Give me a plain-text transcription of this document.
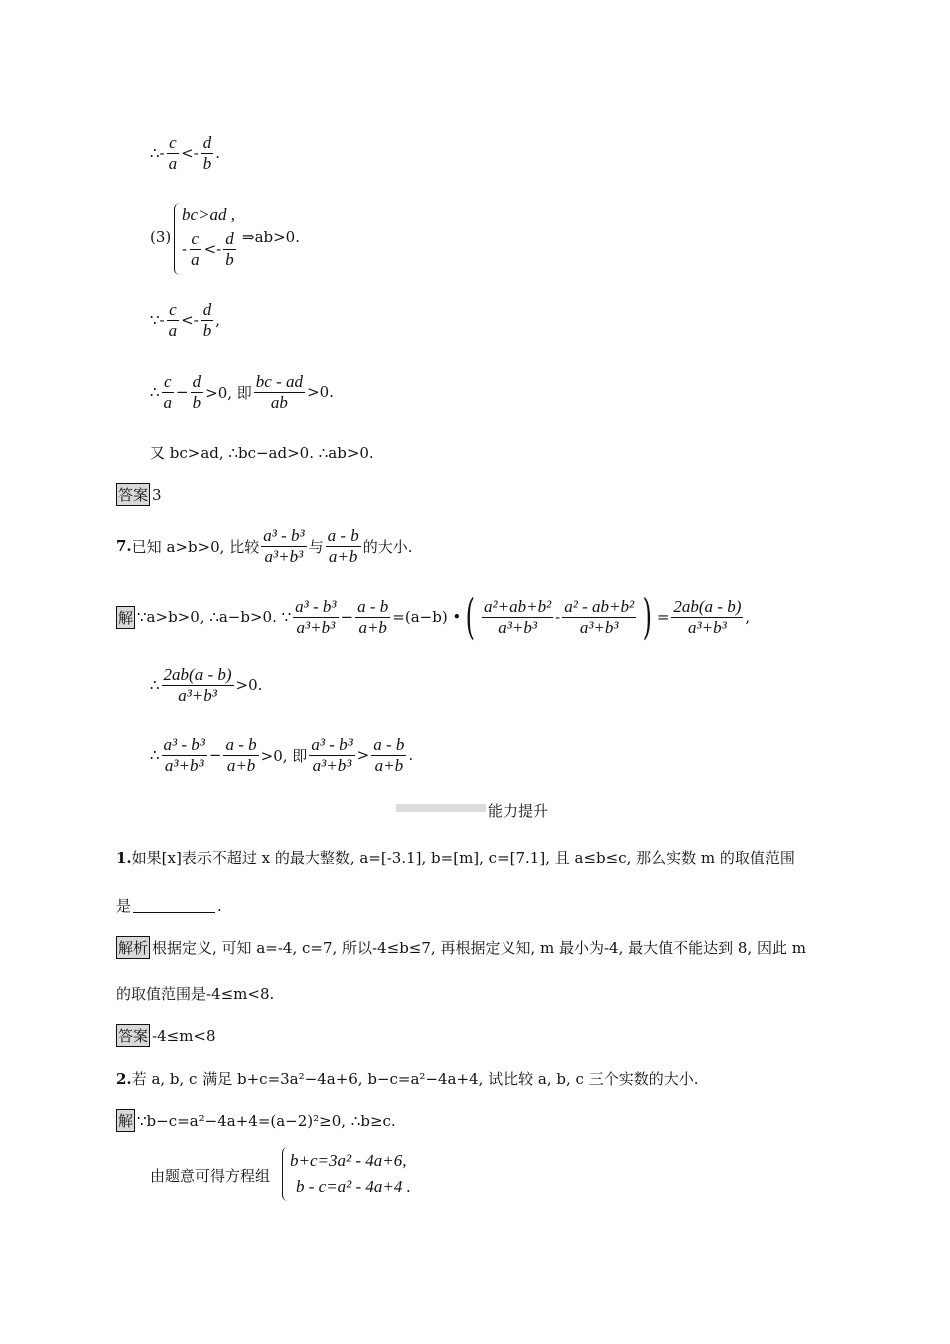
∴- $\frac{c}{a} <- \frac{d}{b}$ .
(3)
bc>ad ,
- $\frac{c}{a} <- \frac{d}{b}$ ⇒ab>0.
∵- $\frac{c}{a} <- \frac{d}{b}$ ,
∴ $\frac{c}{a} - \frac{d}{b} >0$, 即 $\frac{bc - ad}{ab} >0$.
又 bc>ad, ∴bc−ad>0. ∴ab>0.
答案 3
7. 已知 a>b>0, 比较 $\frac{\text{a³ - b³}}{\text{a³+b³}}$ 与 $\frac{a - b}{a+b}$ 的大小.
解 ∵a>b>0, ∴a−b>0. ∵ $\frac{\text{a³ - b³}}{\text{a³+b³}} - \frac{a - b}{a+b} =(a-b)$ • ( $\frac{\text{a²+ab+b²}}{\text{a³+b³}} - \frac{\text{a² - ab+b²}}{\text{a³+b³}}$ ) = $\frac{2ab(a - b)}{\text{a³+b³}}$ ,
∴ $\frac{2ab(a - b)}{\text{a³+b³}} >0$.
∴ $\frac{\text{a³ - b³}}{\text{a³+b³}} - \frac{a - b}{a+b} >0$, 即 $\frac{\text{a³ - b³}}{\text{a³+b³}} > \frac{a - b}{a+b}$ .
能力提升
1. 如果[x]表示不超过 x 的最大整数, a=[-3.1], b=[m], c=[7.1], 且 a≤b≤c, 那么实数 m 的取值范围
是	.
解析 根据定义, 可知 a=-4, c=7, 所以-4≤b≤7, 再根据定义知, m 最小为-4, 最大值不能达到 8, 因此 m
的取值范围是-4≤m<8.
答案 -4≤m<8
2. 若 a, b, c 满足 b+c=3a²−4a+6, b−c=a²−4a+4, 试比较 a, b, c 三个实数的大小.
解 ∵b−c=a²−4a+4=(a−2)²≥0, ∴b≥c.
由题意可得方程组
b+c=3a² - 4a+6,
b - c=a² - 4a+4 .
